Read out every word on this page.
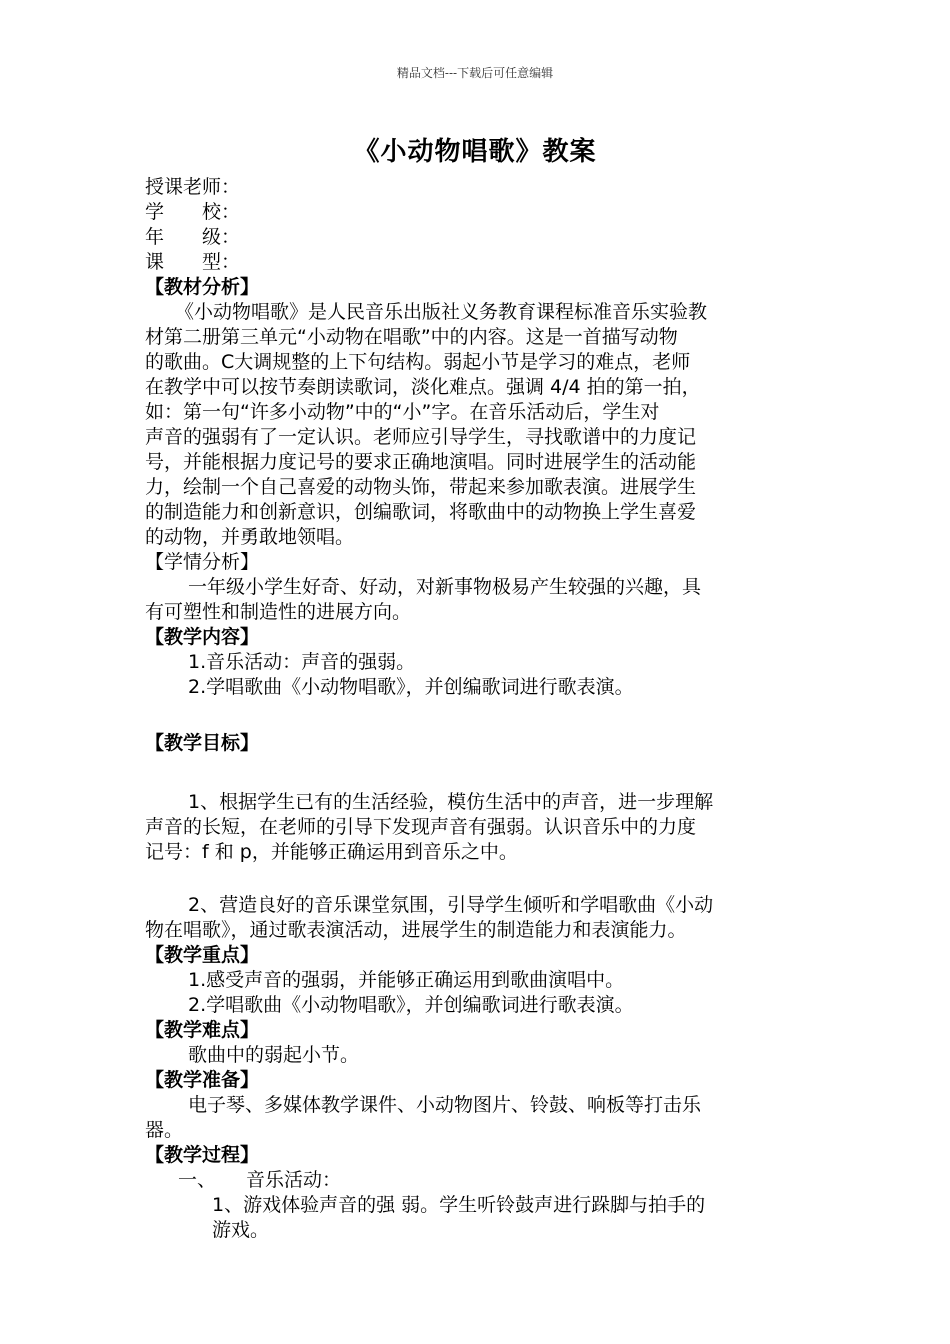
精品文档---下载后可任意编辑
《小动物唱歌》教案
授课老师：
学 校：
年 级：
课 型：
【教材分析】
《小动物唱歌》是人民音乐出版社义务教育课程标准音乐实验教
材第二册第三单元“小动物在唱歌”中的内容。这是一首描写动物
的歌曲。C大调规整的上下句结构。弱起小节是学习的难点，老师
在教学中可以按节奏朗读歌词，淡化难点。强调 4/4 拍的第一拍，
如：第一句“许多小动物”中的“小”字。在音乐活动后，学生对
声音的强弱有了一定认识。老师应引导学生，寻找歌谱中的力度记
号，并能根据力度记号的要求正确地演唱。同时进展学生的活动能
力，绘制一个自己喜爱的动物头饰，带起来参加歌表演。进展学生
的制造能力和创新意识，创编歌词，将歌曲中的动物换上学生喜爱
的动物，并勇敢地领唱。
【学情分析】
一年级小学生好奇、好动，对新事物极易产生较强的兴趣，具
有可塑性和制造性的进展方向。
【教学内容】
1.音乐活动：声音的强弱。
2.学唱歌曲《小动物唱歌》，并创编歌词进行歌表演。
【教学目标】
1、根据学生已有的生活经验，模仿生活中的声音，进一步理解
声音的长短，在老师的引导下发现声音有强弱。认识音乐中的力度
记号：f 和 p，并能够正确运用到音乐之中。
2、营造良好的音乐课堂氛围，引导学生倾听和学唱歌曲《小动
物在唱歌》，通过歌表演活动，进展学生的制造能力和表演能力。
【教学重点】
1.感受声音的强弱，并能够正确运用到歌曲演唱中。
2.学唱歌曲《小动物唱歌》，并创编歌词进行歌表演。
【教学难点】
歌曲中的弱起小节。
【教学准备】
电子琴、多媒体教学课件、小动物图片、铃鼓、响板等打击乐
器。
【教学过程】
一、 音乐活动：
1、游戏体验声音的强 弱。学生听铃鼓声进行跺脚与拍手的
游戏。
